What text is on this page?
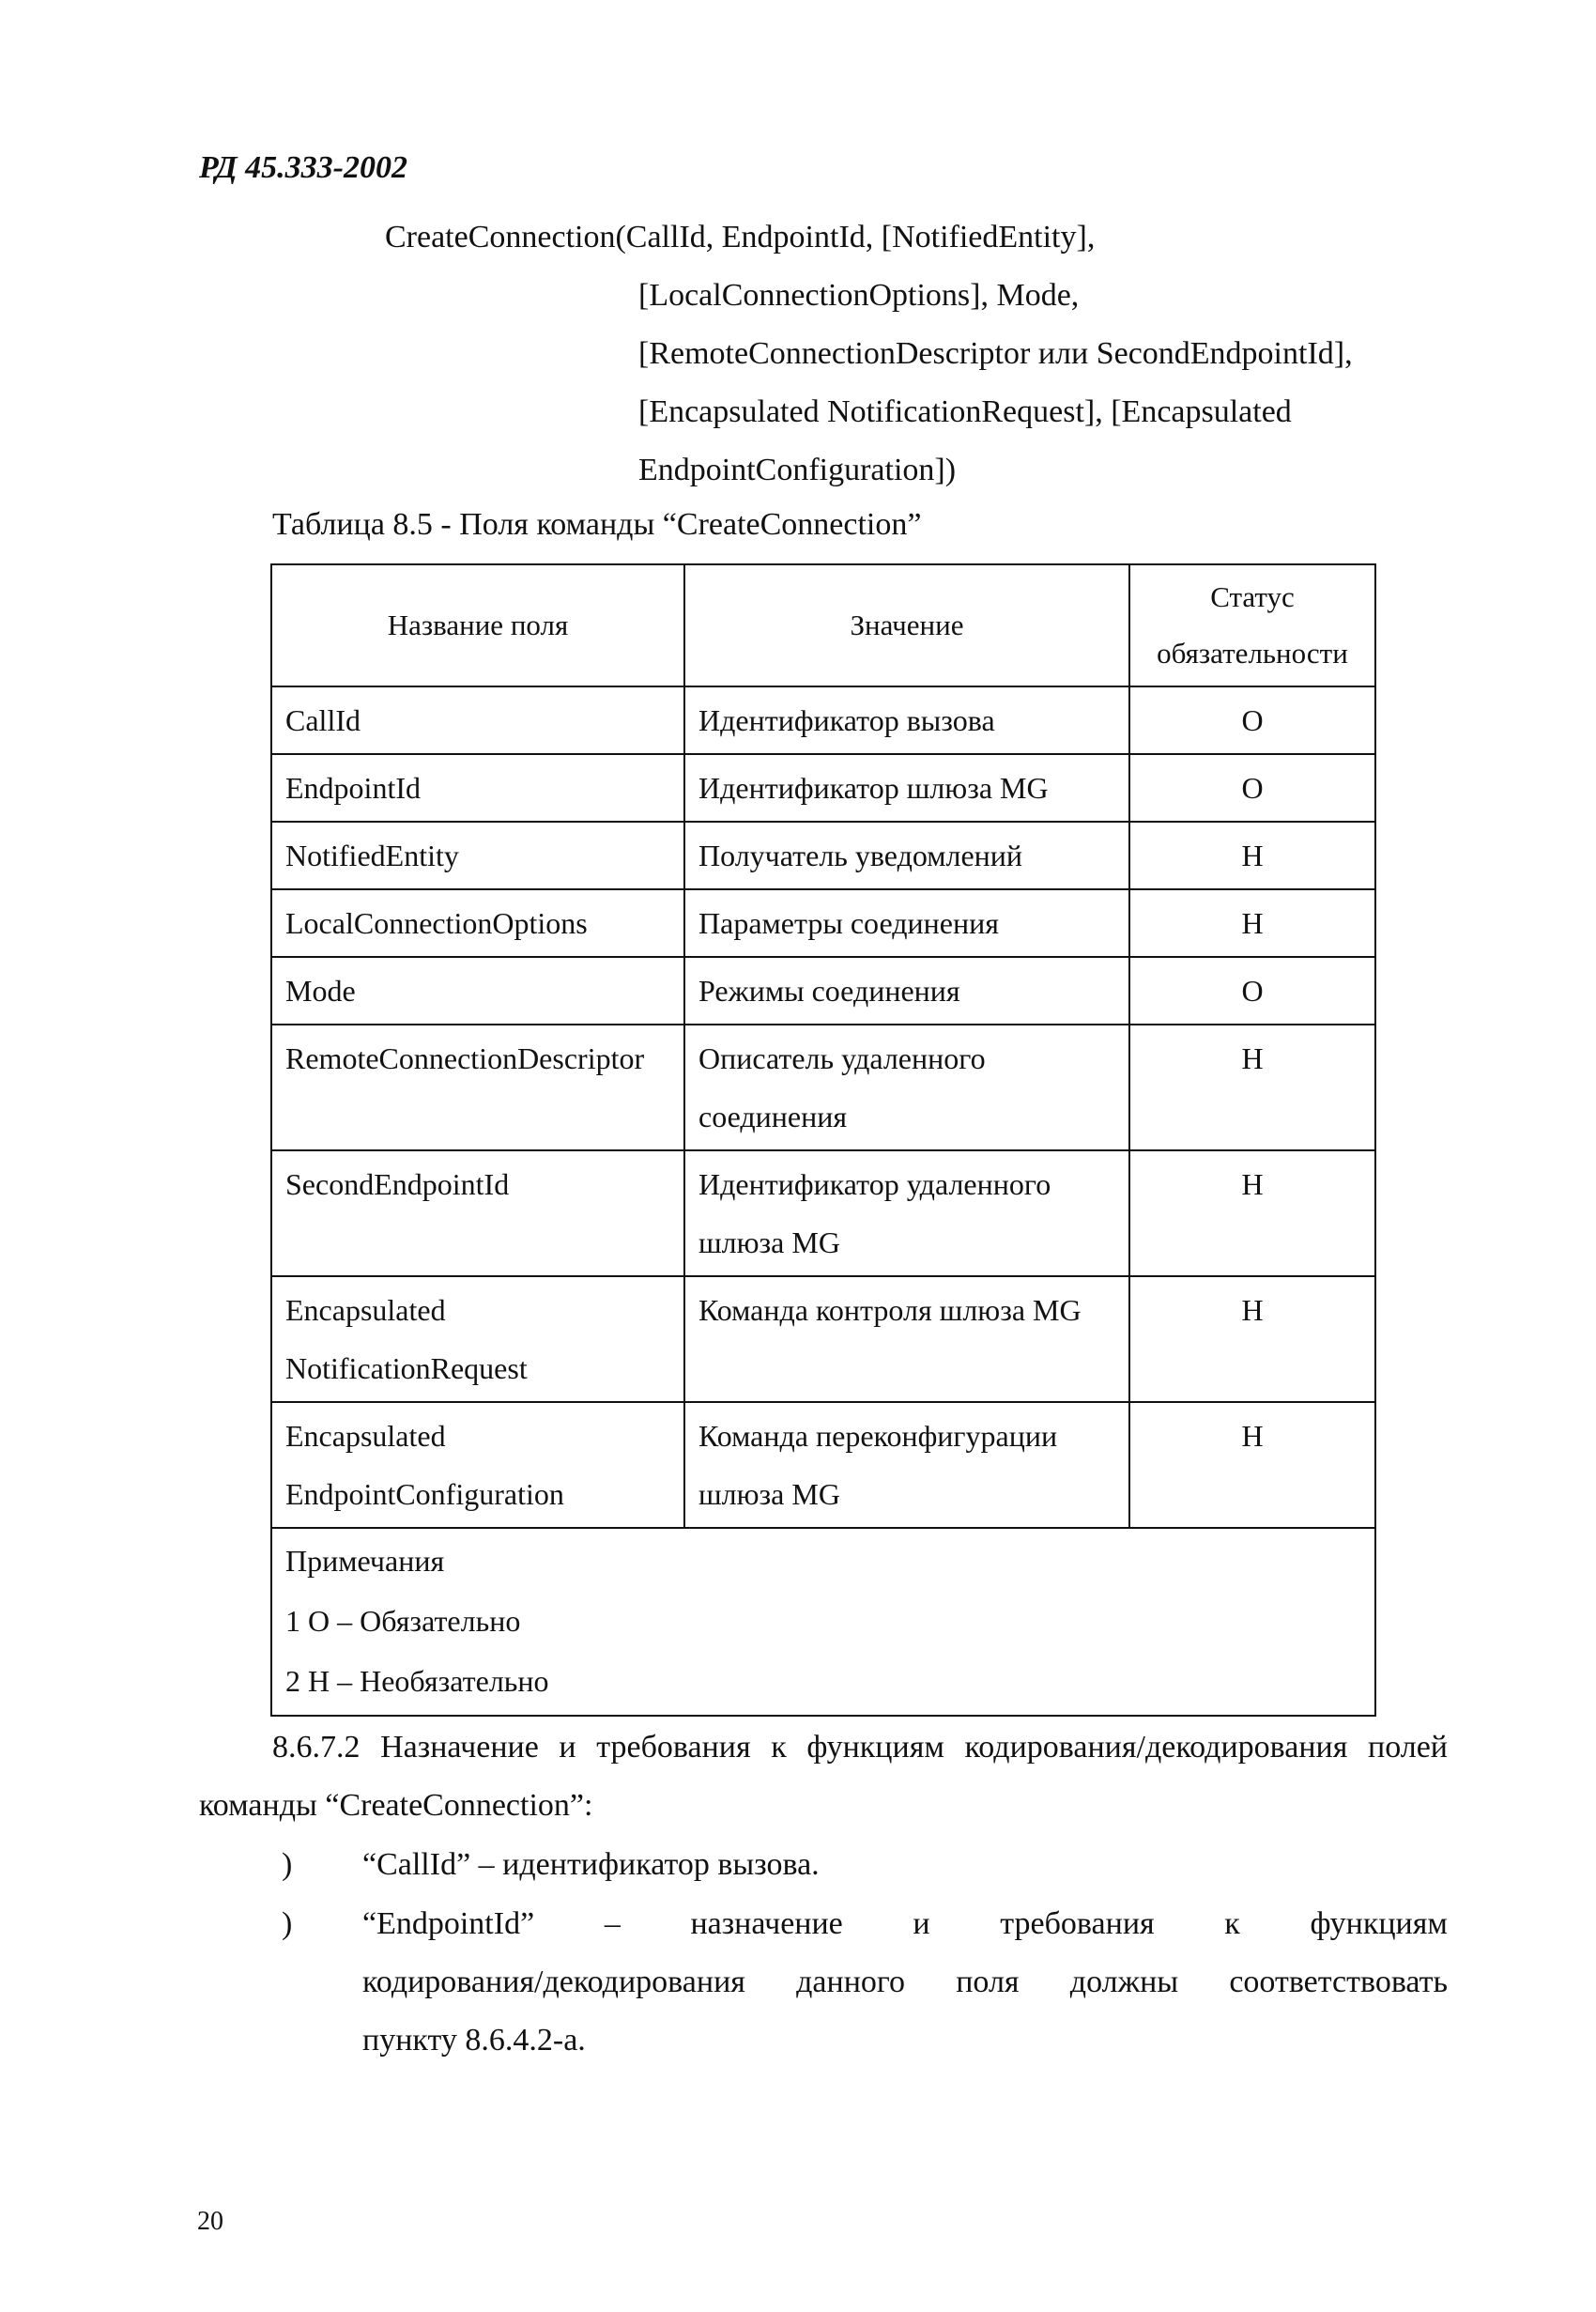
РД 45.333-2002
CreateConnection(CallId, EndpointId, [NotifiedEntity],
[LocalConnectionOptions], Mode,
[RemoteConnectionDescriptor или SecondEndpointId],
[Encapsulated NotificationRequest], [Encapsulated
EndpointConfiguration])
Таблица 8.5 - Поля команды “CreateConnection”
Название поля	Значение	Статус
обязательности

CallId	Идентификатор вызова	O
EndpointId	Идентификатор шлюза MG	O
NotifiedEntity	Получатель уведомлений	Н
LocalConnectionOptions	Параметры соединения	Н
Mode	Режимы соединения	O
RemoteConnectionDescriptor	Описатель удаленного соединения	Н
SecondEndpointId	Идентификатор удаленного шлюза MG	Н
Encapsulated NotificationRequest	Команда контроля шлюза MG	Н
Encapsulated EndpointConfiguration	Команда переконфигурации шлюза MG	Н

Примечания
1 O – Обязательно
2 Н – Необязательно		
8.6.7.2 Назначение и требования к функциям кодирования/декодирования полей команды “CreateConnection”:
) “CallId” – идентификатор вызова.
) “EndpointId” – назначение и требования к функциям
кодирования/декодирования данного поля должны соответствовать
пункту 8.6.4.2-а.
20
